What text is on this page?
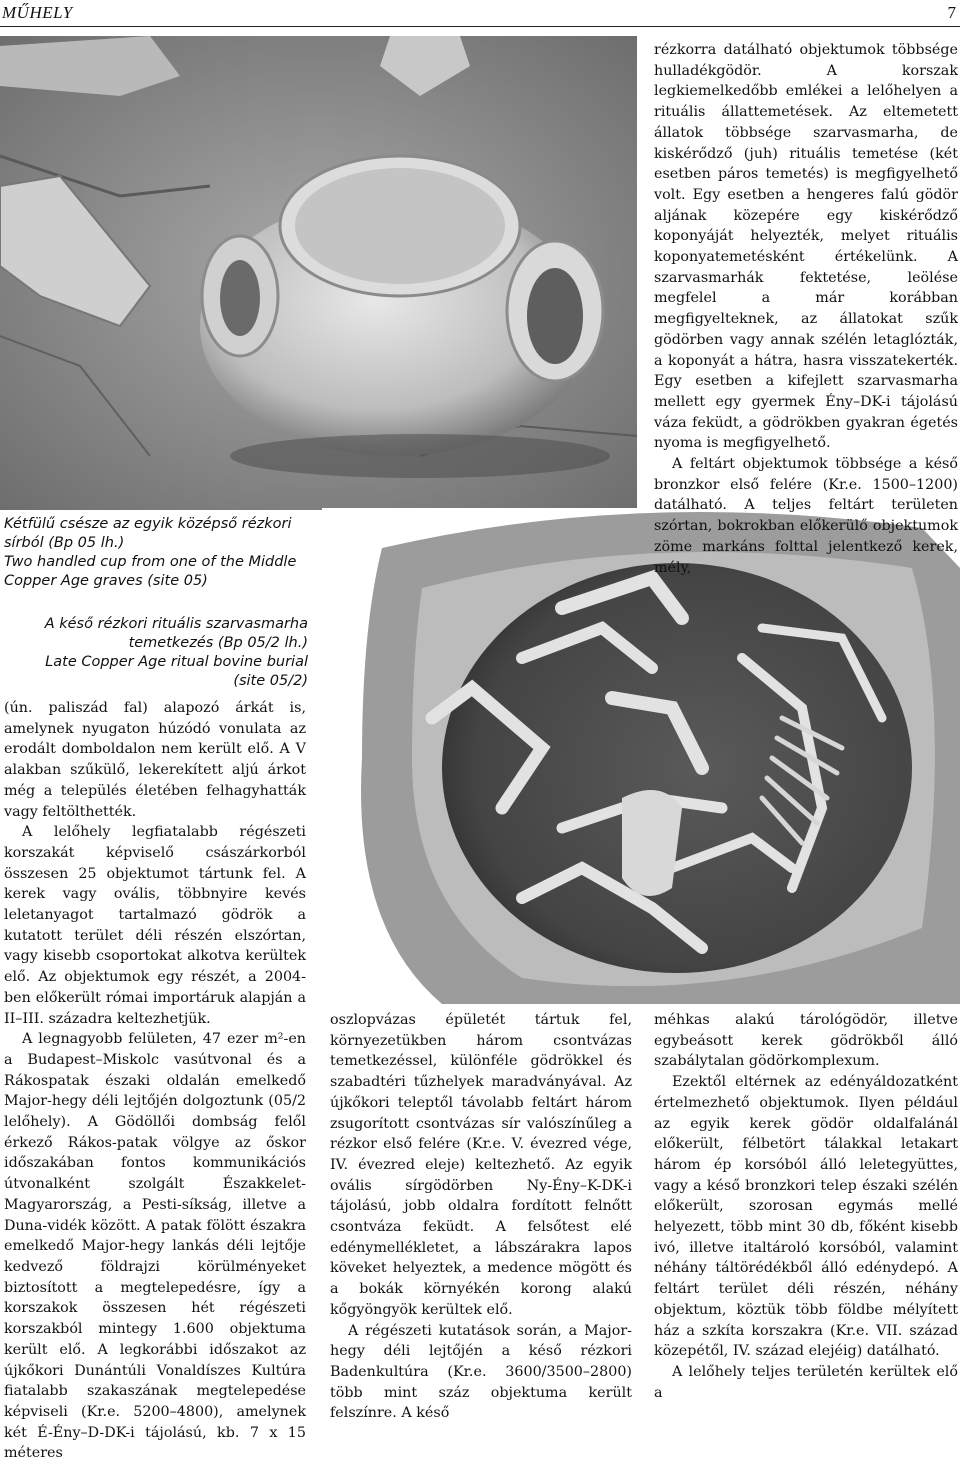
MŰHELY	7
Kétfülű csésze az egyik középső rézkori sírból (Bp 05 lh.)
Two handled cup from one of the Middle Copper Age graves (site 05)
A késő rézkori rituális szarvasmarha temetkezés (Bp 05/2 lh.)
Late Copper Age ritual bovine burial (site 05/2)

rézkorra datálható objektumok többsége hulladékgödör. A korszak legkiemelkedőbb emlékei a lelőhelyen a rituális állattemetések. Az eltemetett állatok többsége szarvasmarha, de kiskérődző (juh) rituális temetése (két esetben páros temetés) is megfigyelhető volt. Egy esetben a hengeres falú gödör aljának közepére egy kiskérődző koponyáját helyezték, melyet rituális koponyatemetésként értékelünk. A szarvasmarhák fektetése, leölése megfelel a már korábban megfigyelteknek, az állatokat szűk gödörben vagy annak szélén letaglózták, a koponyát a hátra, hasra visszatekerték. Egy esetben a kifejlett szarvasmarha mellett egy gyermek Ény–DK-i tájolású váza feküdt, a gödrökben gyakran égetés nyoma is megfigyelhető.

A feltárt objektumok többsége a késő bronzkor első felére (Kr.e. 1500–1200) datálható. A teljes feltárt területen szórtan, bokrokban előkerülő objektumok zöme markáns folttal jelentkező kerek, mély,

(ún. paliszád fal) alapozó árkát is, amelynek nyugaton húzódó vonulata az erodált domboldalon nem került elő. A V alakban szűkülő, lekerekített aljú árkot még a település életében felhagyhatták vagy feltölthették.

A lelőhely legfiatalabb régészeti korszakát képviselő császárkorból összesen 25 objektumot tártunk fel. A kerek vagy ovális, többnyire kevés leletanyagot tartalmazó gödrök a kutatott terület déli részén elszórtan, vagy kisebb csoportokat alkotva kerültek elő. Az objektumok egy részét, a 2004-ben előkerült római importáruk alapján a II–III. századra keltezhetjük.

A legnagyobb felületen, 47 ezer m²-en a Budapest–Miskolc vasútvonal és a Rákospatak északi oldalán emelkedő Major-hegy déli lejtőjén dolgoztunk (05/2 lelőhely). A Gödöllői dombság felől érkező Rákos-patak völgye az őskor időszakában fontos kommunikációs útvonalként szolgált Északkelet-Magyarország, a Pesti-síkság, illetve a Duna-vidék között. A patak fölött északra emelkedő Major-hegy lankás déli lejtője kedvező földrajzi körülményeket biztosított a megtelepedésre, így a korszakok összesen hét régészeti korszakból mintegy 1.600 objektuma került elő. A legkorábbi időszakot az újkőkori Dunántúli Vonaldíszes Kultúra fiatalabb szakaszának megtelepedése képviseli (Kr.e. 5200–4800), amelynek két É-Ény–D-DK-i tájolású, kb. 7 x 15 méteres

oszlopvázas épületét tártuk fel, környezetükben három csontvázas temetkezéssel, különféle gödrökkel és szabadtéri tűzhelyek maradványával. Az újkőkori teleptől távolabb feltárt három zsugorított csontvázas sír valószínűleg a rézkor első felére (Kr.e. V. évezred vége, IV. évezred eleje) keltezhető. Az egyik ovális sírgödörben Ny-Ény–K-DK-i tájolású, jobb oldalra fordított felnőtt csontváza feküdt. A felsőtest elé edénymellékletet, a lábszárakra lapos köveket helyeztek, a medence mögött és a bokák környékén korong alakú kőgyöngyök kerültek elő.

A régészeti kutatások során, a Major-hegy déli lejtőjén a késő rézkori Badenkultúra (Kr.e. 3600/3500–2800) több mint száz objektuma került felszínre. A késő

méhkas alakú tárológödör, illetve egybeásott kerek gödrökből álló szabálytalan gödörkomplexum.

Ezektől eltérnek az edényáldozatként értelmezhető objektumok. Ilyen például az egyik kerek gödör oldalfalánál előkerült, félbetört tálakkal letakart három ép korsóból álló leletegyüttes, vagy a késő bronzkori telep északi szélén előkerült, szorosan egymás mellé helyezett, több mint 30 db, főként kisebb ivó, illetve italtároló korsóból, valamint néhány táltörédékből álló edénydepó. A feltárt terület déli részén, néhány objektum, köztük több földbe mélyített ház a szkíta korszakra (Kr.e. VII. század közepétől, IV. század elejéig) datálható.

A lelőhely teljes területén kerültek elő a
